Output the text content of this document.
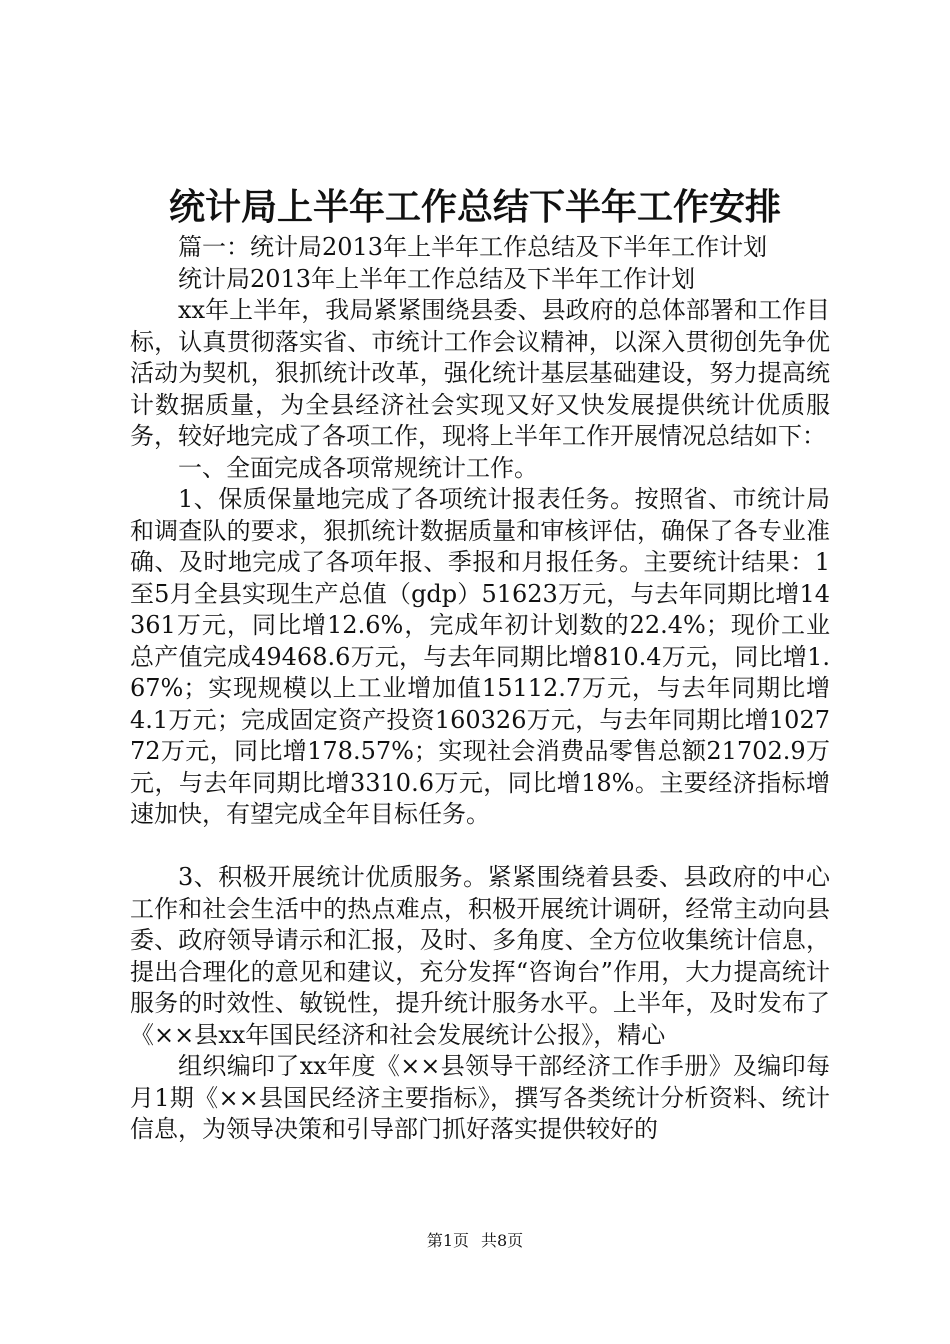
统计局上半年工作总结下半年工作安排

篇一：统计局2013年上半年工作总结及下半年工作计划

统计局2013年上半年工作总结及下半年工作计划

xx年上半年，我局紧紧围绕县委、县政府的总体部署和工作目标，认真贯彻落实省、市统计工作会议精神，以深入贯彻创先争优活动为契机，狠抓统计改革，强化统计基层基础建设，努力提高统计数据质量，为全县经济社会实现又好又快发展提供统计优质服务，较好地完成了各项工作，现将上半年工作开展情况总结如下：

一、全面完成各项常规统计工作。

1、保质保量地完成了各项统计报表任务。按照省、市统计局和调查队的要求，狠抓统计数据质量和审核评估，确保了各专业准确、及时地完成了各项年报、季报和月报任务。主要统计结果：1至5月全县实现生产总值（gdp）51623万元，与去年同期比增14361万元，同比增12.6%，完成年初计划数的22.4%；现价工业总产值完成49468.6万元，与去年同期比增810.4万元，同比增1.67%；实现规模以上工业增加值15112.7万元，与去年同期比增4.1万元；完成固定资产投资160326万元，与去年同期比增102772万元，同比增178.57%；实现社会消费品零售总额21702.9万元，与去年同期比增3310.6万元，同比增18%。主要经济指标增速加快，有望完成全年目标任务。

3、积极开展统计优质服务。紧紧围绕着县委、县政府的中心工作和社会生活中的热点难点，积极开展统计调研，经常主动向县委、政府领导请示和汇报，及时、多角度、全方位收集统计信息，提出合理化的意见和建议，充分发挥“咨询台”作用，大力提高统计服务的时效性、敏锐性，提升统计服务水平。上半年，及时发布了《××县xx年国民经济和社会发展统计公报》，精心

组织编印了xx年度《××县领导干部经济工作手册》及编印每月1期《××县国民经济主要指标》，撰写各类统计分析资料、统计信息，为领导决策和引导部门抓好落实提供较好的

第1页 共8页
